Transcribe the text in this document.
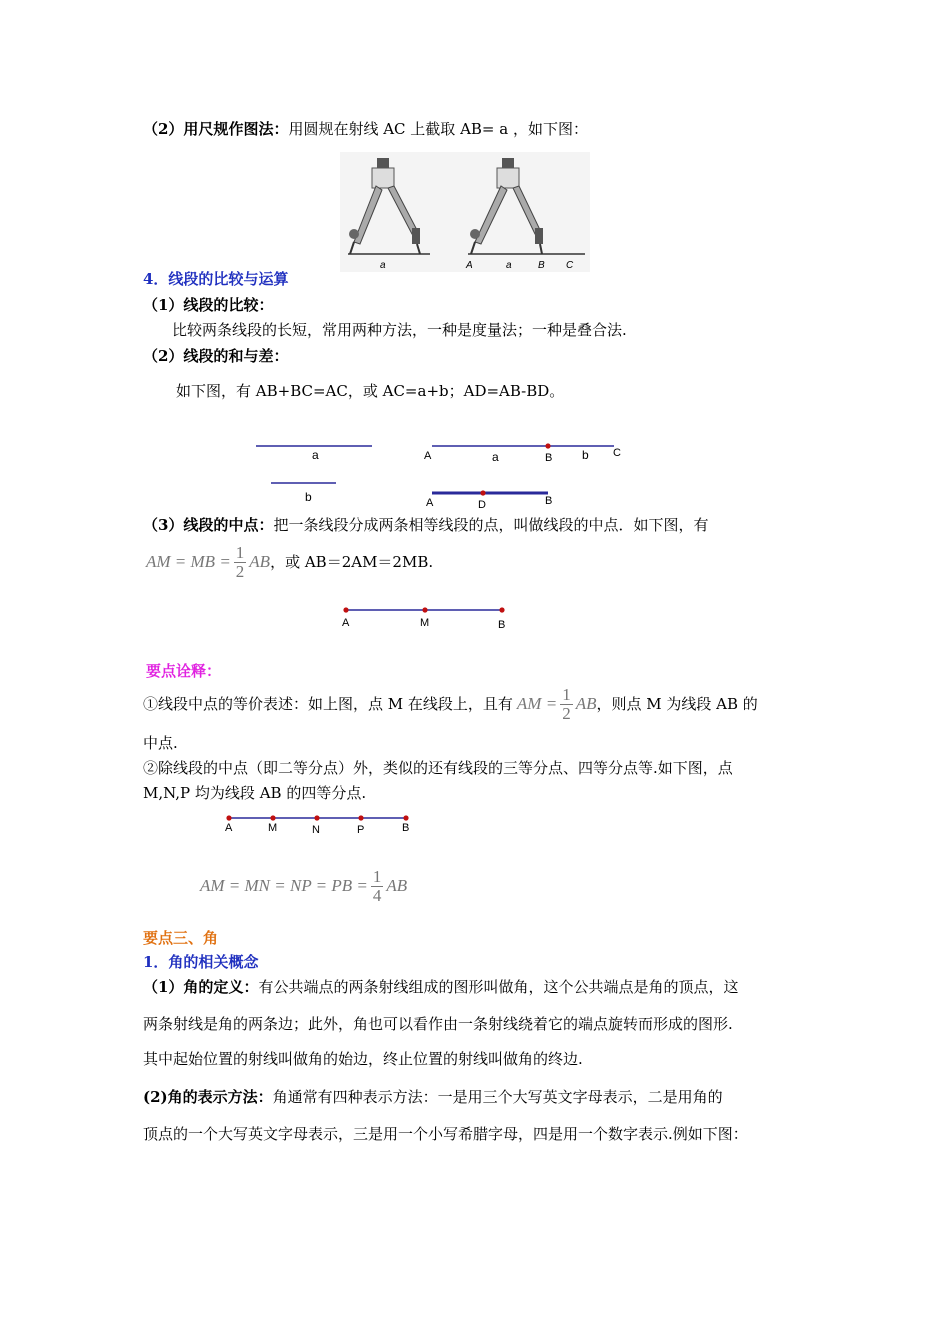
（2）用尺规作图法：用圆规在射线 AC 上截取 AB= a ，如下图：
a	A	a	B C
4．线段的比较与运算
（1）线段的比较：
比较两条线段的长短，常用两种方法，一种是度量法；一种是叠合法.
（2）线段的和与差：
如下图，有 AB+BC=AC，或 AC=a+b；AD=AB-BD。
a
b
A	a	B b C
A	D	B
（3）线段的中点：把一条线段分成两条相等线段的点，叫做线段的中点．如下图，有
AM = MB = $\frac{1}{2}$ AB ，或 AB＝2AM＝2MB.
A	M	B
要点诠释：
①线段中点的等价表述：如上图，点 M 在线段上，且有 AM = $\frac{1}{2}$ AB ，则点 M 为线段 AB 的
中点.
②除线段的中点（即二等分点）外，类似的还有线段的三等分点、四等分点等.如下图，点
M,N,P 均为线段 AB 的四等分点.
A	M	N	P	B
AM = MN = NP = PB = $\frac{1}{4}$ AB
要点三、角
1．角的相关概念
（1）角的定义：有公共端点的两条射线组成的图形叫做角，这个公共端点是角的顶点，这
两条射线是角的两条边；此外，角也可以看作由一条射线绕着它的端点旋转而形成的图形.
其中起始位置的射线叫做角的始边，终止位置的射线叫做角的终边.
(2)角的表示方法：角通常有四种表示方法：一是用三个大写英文字母表示，二是用角的
顶点的一个大写英文字母表示，三是用一个小写希腊字母，四是用一个数字表示.例如下图：
